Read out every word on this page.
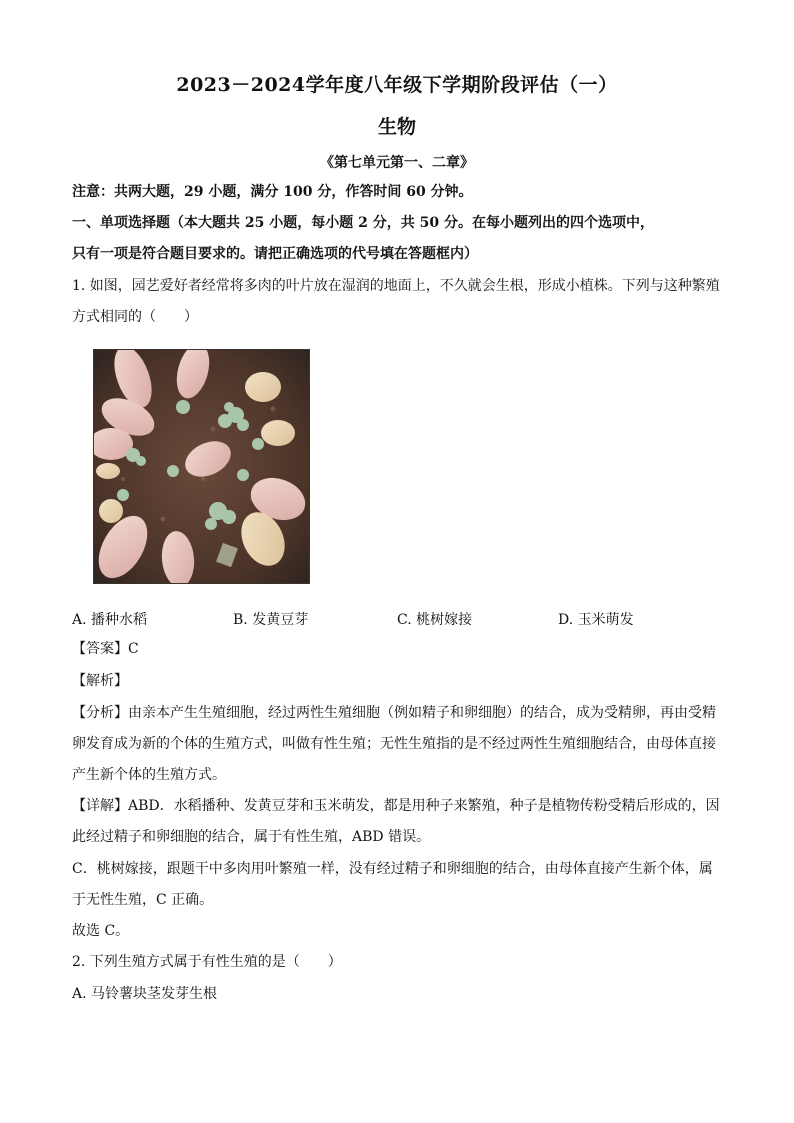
2023－2024学年度八年级下学期阶段评估（一）
生物
《第七单元第一、二章》
注意：共两大题，29 小题，满分 100 分，作答时间 60 分钟。
一、单项选择题（本大题共 25 小题，每小题 2 分，共 50 分。在每小题列出的四个选项中，
只有一项是符合题目要求的。请把正确选项的代号填在答题框内）
1. 如图，园艺爱好者经常将多肉的叶片放在湿润的地面上，不久就会生根，形成小植株。下列与这种繁殖
方式相同的（　　）
A. 播种水稻	B. 发黄豆芽	C. 桃树嫁接	D. 玉米萌发
【答案】C
【解析】
【分析】由亲本产生生殖细胞，经过两性生殖细胞（例如精子和卵细胞）的结合，成为受精卵，再由受精
卵发育成为新的个体的生殖方式，叫做有性生殖；无性生殖指的是不经过两性生殖细胞结合，由母体直接
产生新个体的生殖方式。
【详解】ABD．水稻播种、发黄豆芽和玉米萌发，都是用种子来繁殖，种子是植物传粉受精后形成的，因
此经过精子和卵细胞的结合，属于有性生殖，ABD 错误。
C．桃树嫁接，跟题干中多肉用叶繁殖一样，没有经过精子和卵细胞的结合，由母体直接产生新个体，属
于无性生殖，C 正确。
故选 C。
2. 下列生殖方式属于有性生殖的是（　　）
A. 马铃薯块茎发芽生根
